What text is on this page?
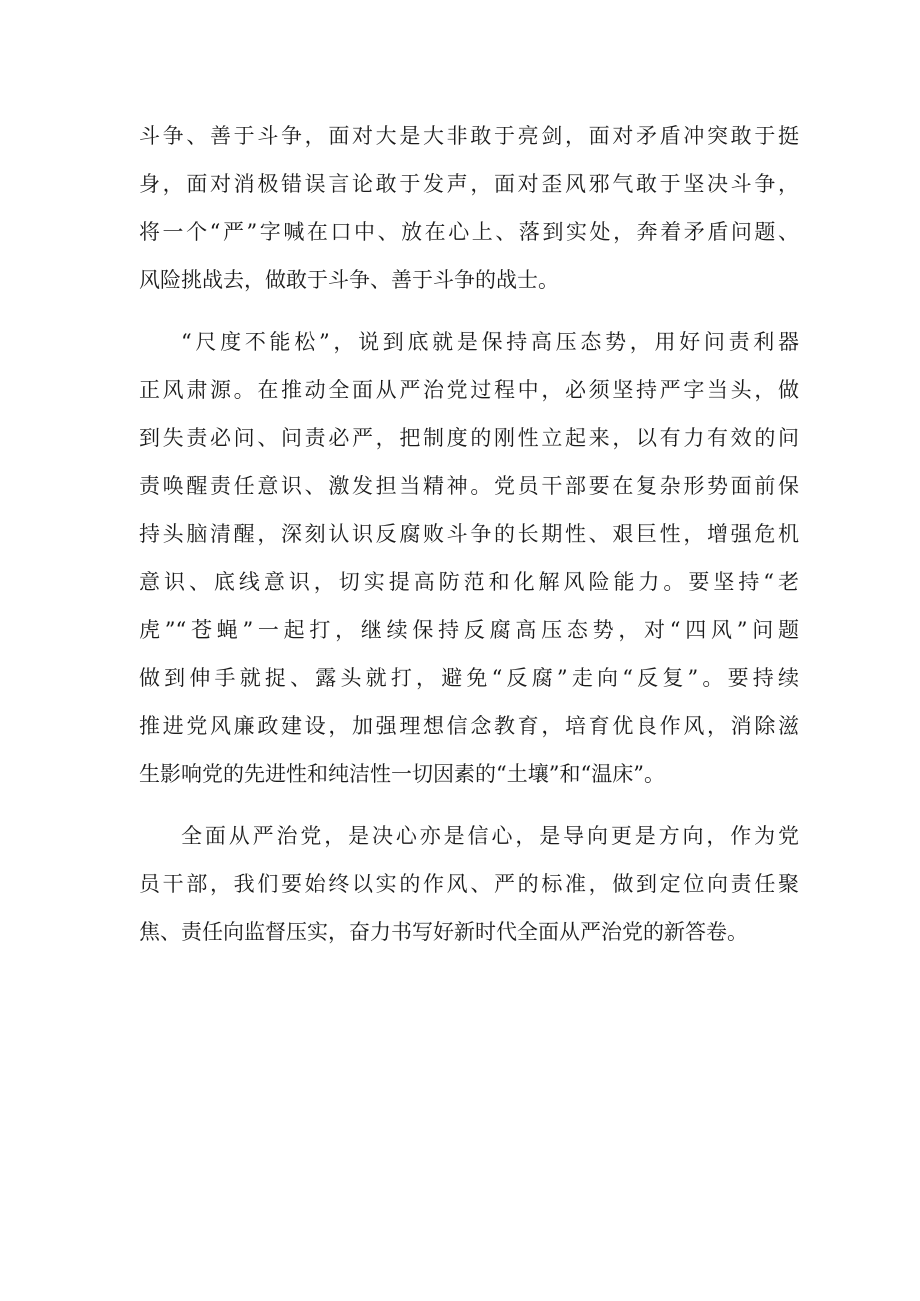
斗争、善于斗争，面对大是大非敢于亮剑，面对矛盾冲突敢于挺
身，面对消极错误言论敢于发声，面对歪风邪气敢于坚决斗争，
将一个“严”字喊在口中、放在心上、落到实处，奔着矛盾问题、
风险挑战去，做敢于斗争、善于斗争的战士。
“尺度不能松”，说到底就是保持高压态势，用好问责利器
正风肃源。在推动全面从严治党过程中，必须坚持严字当头，做
到失责必问、问责必严，把制度的刚性立起来，以有力有效的问
责唤醒责任意识、激发担当精神。党员干部要在复杂形势面前保
持头脑清醒，深刻认识反腐败斗争的长期性、艰巨性，增强危机
意识、底线意识，切实提高防范和化解风险能力。要坚持“老
虎”“苍蝇”一起打，继续保持反腐高压态势，对“四风”问题
做到伸手就捉、露头就打，避免“反腐”走向“反复”。要持续
推进党风廉政建设，加强理想信念教育，培育优良作风，消除滋
生影响党的先进性和纯洁性一切因素的“土壤”和“温床”。
全面从严治党，是决心亦是信心，是导向更是方向，作为党
员干部，我们要始终以实的作风、严的标准，做到定位向责任聚
焦、责任向监督压实，奋力书写好新时代全面从严治党的新答卷。
